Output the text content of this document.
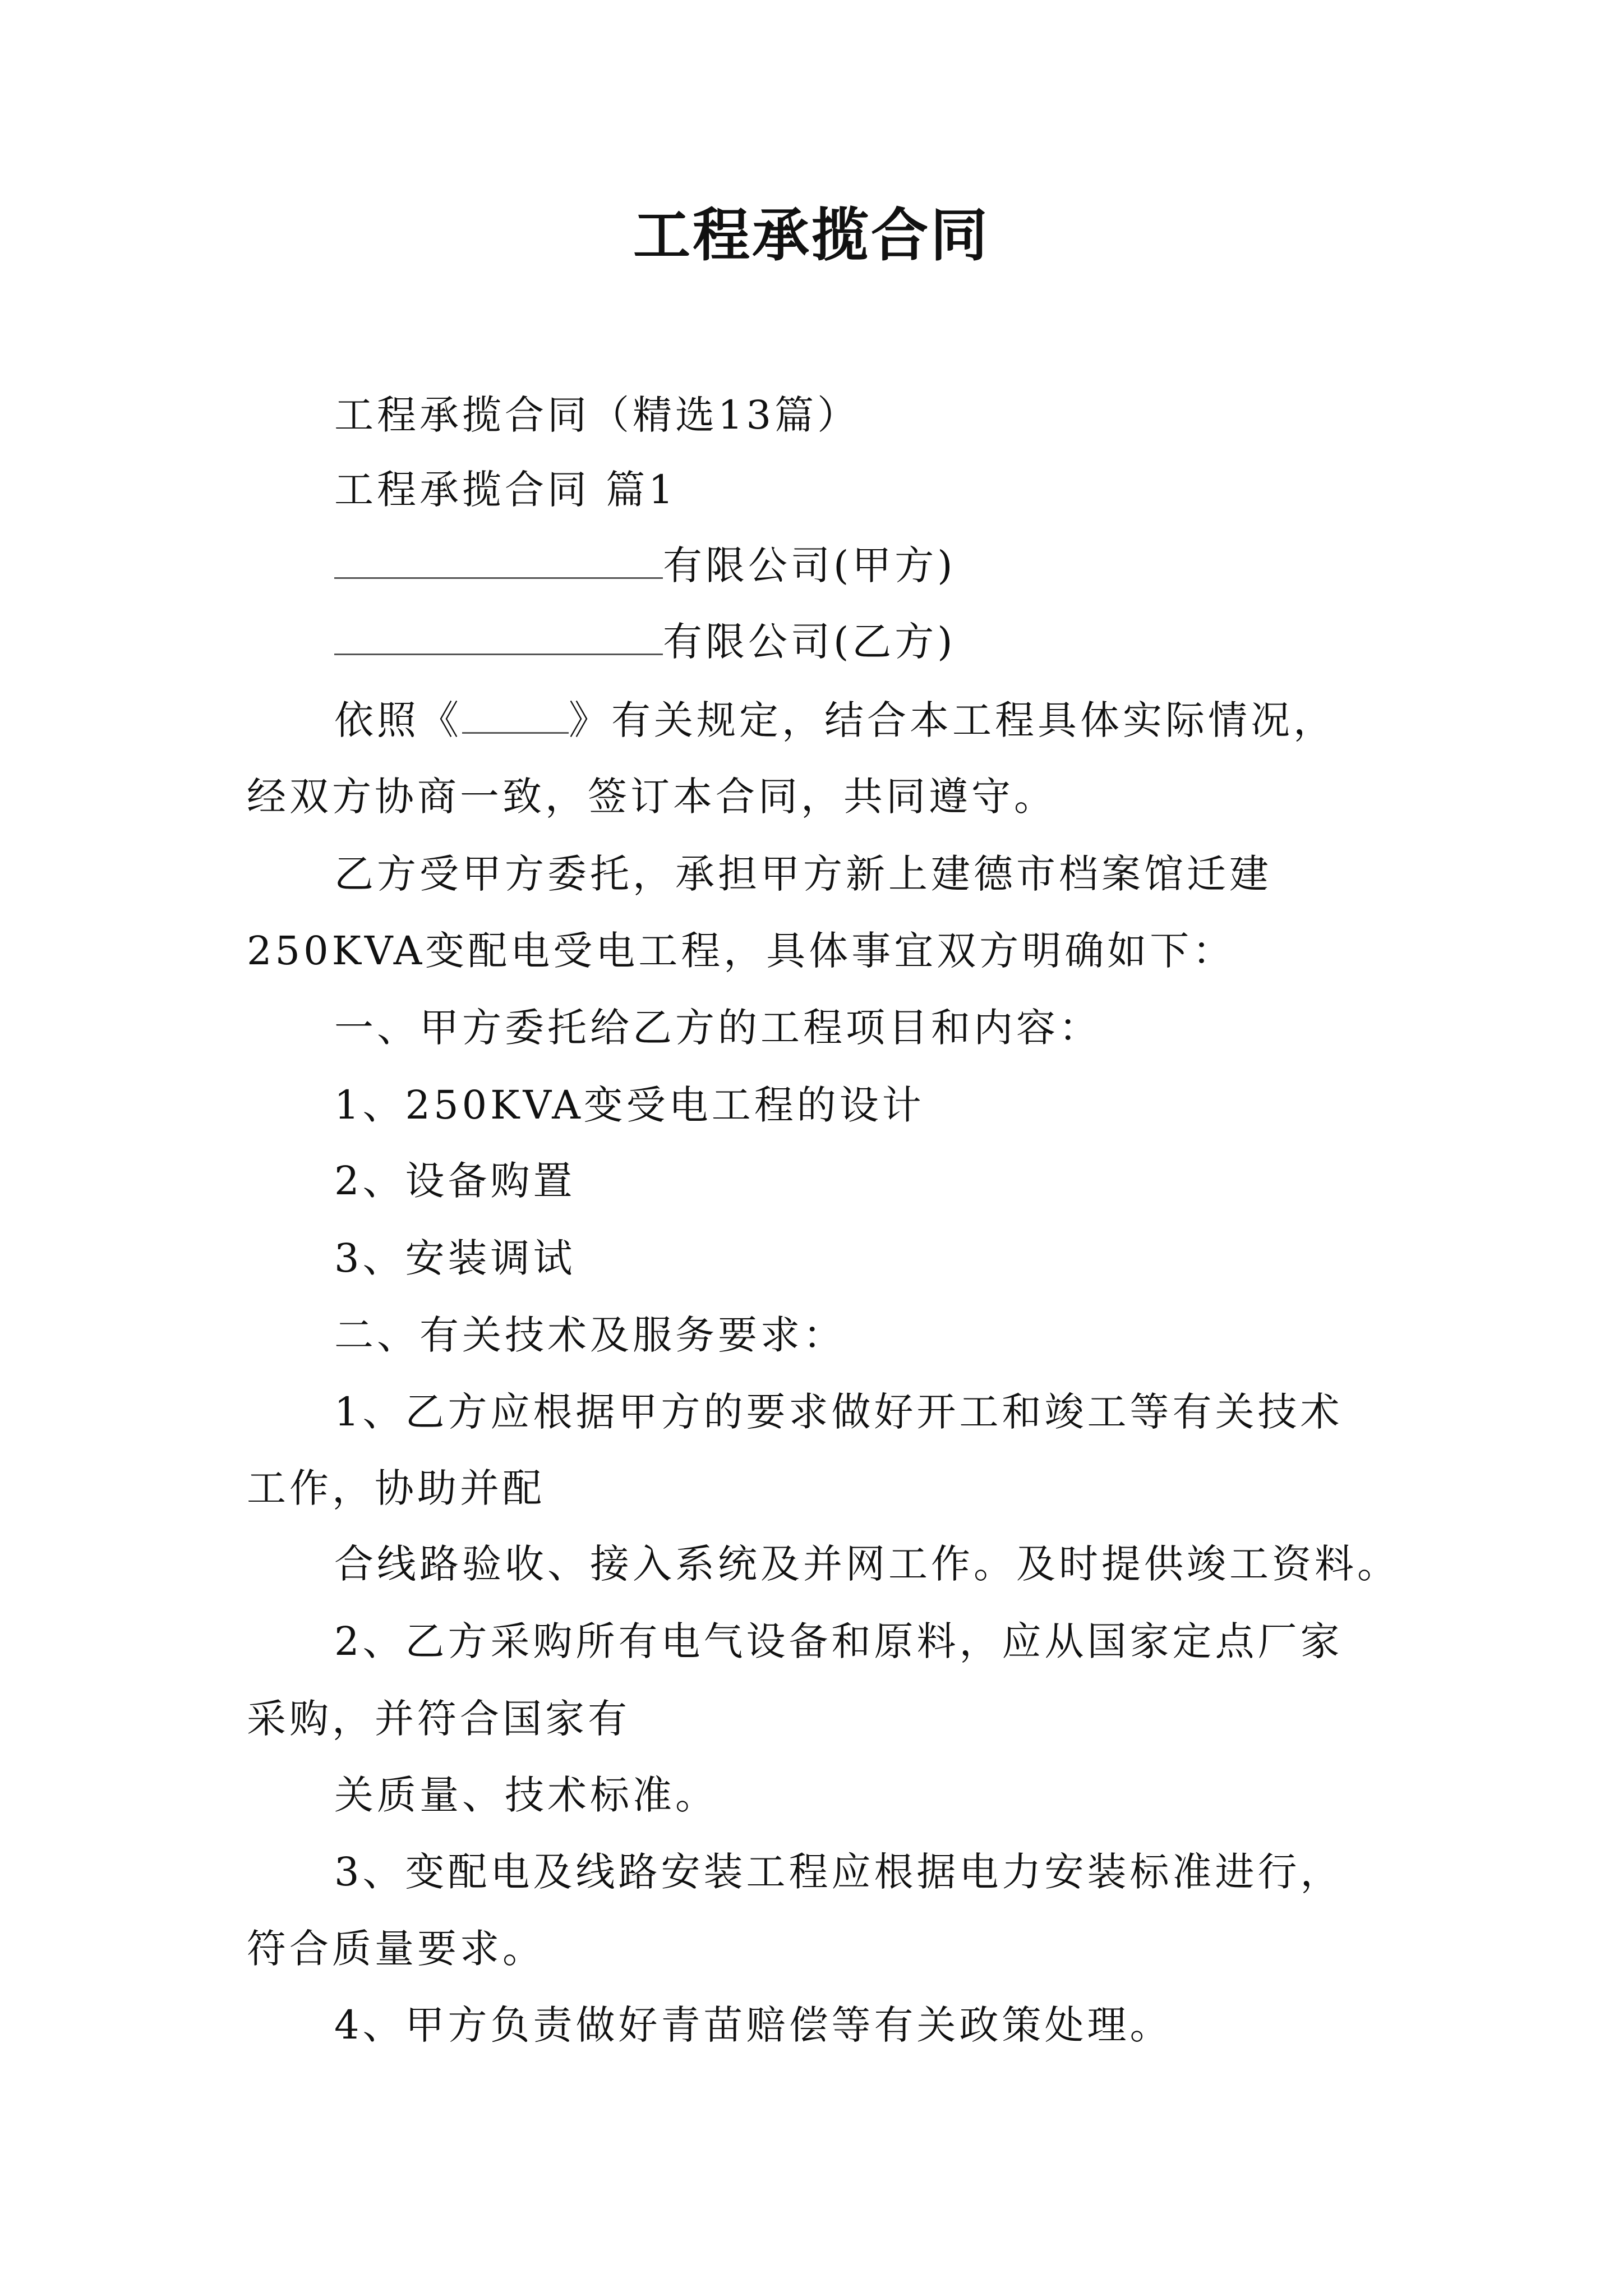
工程承揽合同
工程承揽合同（精选13篇）
工程承揽合同 篇1
有限公司(甲方)
有限公司(乙方)
依照《	》有关规定，结合本工程具体实际情况，
经双方协商一致，签订本合同，共同遵守。
乙方受甲方委托，承担甲方新上建德市档案馆迁建
250KVA变配电受电工程，具体事宜双方明确如下：
一、甲方委托给乙方的工程项目和内容：
1、250KVA变受电工程的设计
2、设备购置
3、安装调试
二、有关技术及服务要求：
1、乙方应根据甲方的要求做好开工和竣工等有关技术
工作，协助并配
合线路验收、接入系统及并网工作。及时提供竣工资料。
2、乙方采购所有电气设备和原料，应从国家定点厂家
采购，并符合国家有
关质量、技术标准。
3、变配电及线路安装工程应根据电力安装标准进行，
符合质量要求。
4、甲方负责做好青苗赔偿等有关政策处理。
